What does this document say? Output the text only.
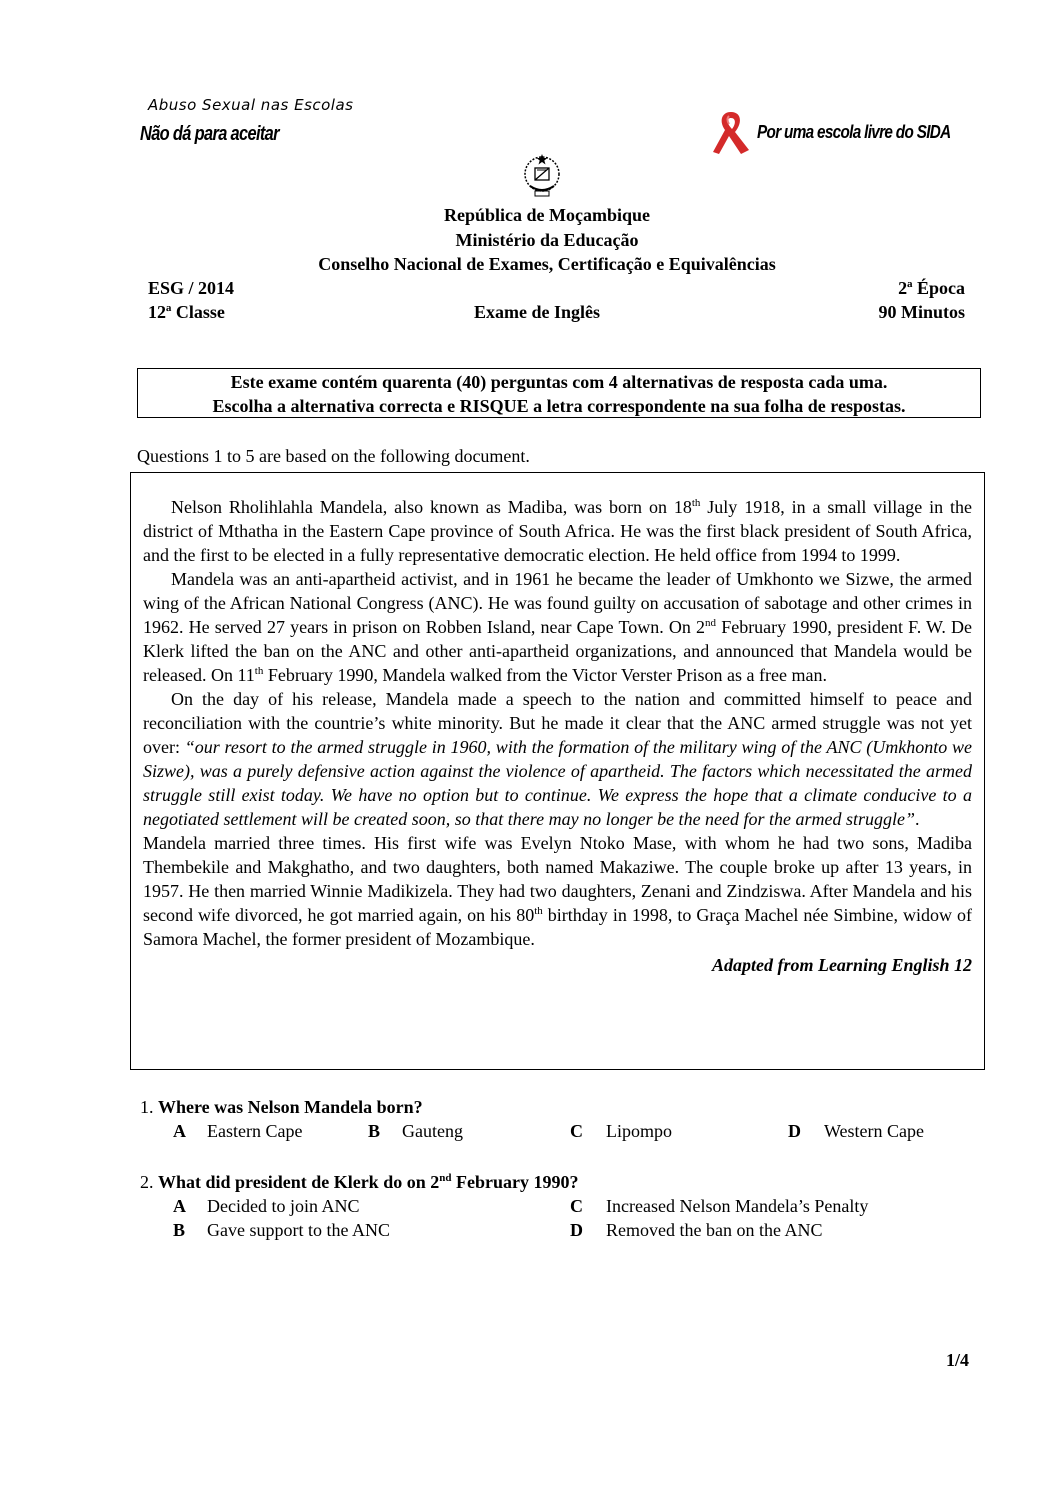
Abuso Sexual nas Escolas
Não dá para aceitar	Por uma escola livre do SIDA
República de Moçambique
Ministério da Educação
Conselho Nacional de Exames, Certificação e Equivalências
ESG / 2014	2ª Época
12ª Classe	Exame de Inglês	90 Minutos
Este exame contém quarenta (40) perguntas com 4 alternativas de resposta cada uma.
Escolha a alternativa correcta e RISQUE a letra correspondente na sua folha de respostas.
Questions 1 to 5 are based on the following document.

Nelson Rholihlahla Mandela, also known as Madiba, was born on 18th July 1918, in a small village in the district of Mthatha in the Eastern Cape province of South Africa. He was the first black president of South Africa, and the first to be elected in a fully representative democratic election. He held office from 1994 to 1999.

Mandela was an anti-apartheid activist, and in 1961 he became the leader of Umkhonto we Sizwe, the armed wing of the African National Congress (ANC). He was found guilty on accusation of sabotage and other crimes in 1962. He served 27 years in prison on Robben Island, near Cape Town. On 2nd February 1990, president F. W. De Klerk lifted the ban on the ANC and other anti-apartheid organizations, and announced that Mandela would be released. On 11th February 1990, Mandela walked from the Victor Verster Prison as a free man.

On the day of his release, Mandela made a speech to the nation and committed himself to peace and reconciliation with the countrie’s white minority. But he made it clear that the ANC armed struggle was not yet over: “our resort to the armed struggle in 1960, with the formation of the military wing of the ANC (Umkhonto we Sizwe), was a purely defensive action against the violence of apartheid. The factors which necessitated the armed struggle still exist today. We have no option but to continue. We express the hope that a climate conducive to a negotiated settlement will be created soon, so that there may no longer be the need for the armed struggle”.

Mandela married three times. His first wife was Evelyn Ntoko Mase, with whom he had two sons, Madiba Thembekile and Makghatho, and two daughters, both named Makaziwe. The couple broke up after 13 years, in 1957. He then married Winnie Madikizela. They had two daughters, Zenani and Zindziswa. After Mandela and his second wife divorced, he got married again, on his 80th birthday in 1998, to Graça Machel née Simbine, widow of Samora Machel, the former president of Mozambique.

Adapted from Learning English 12

1. Where was Nelson Mandela born?
A Eastern Cape	B Gauteng	C Lipompo	D Western Cape
2. What did president de Klerk do on 2nd February 1990?
A Decided to join ANC
B Gave support to the ANC
C Increased Nelson Mandela’s Penalty
D Removed the ban on the ANC
1/4
